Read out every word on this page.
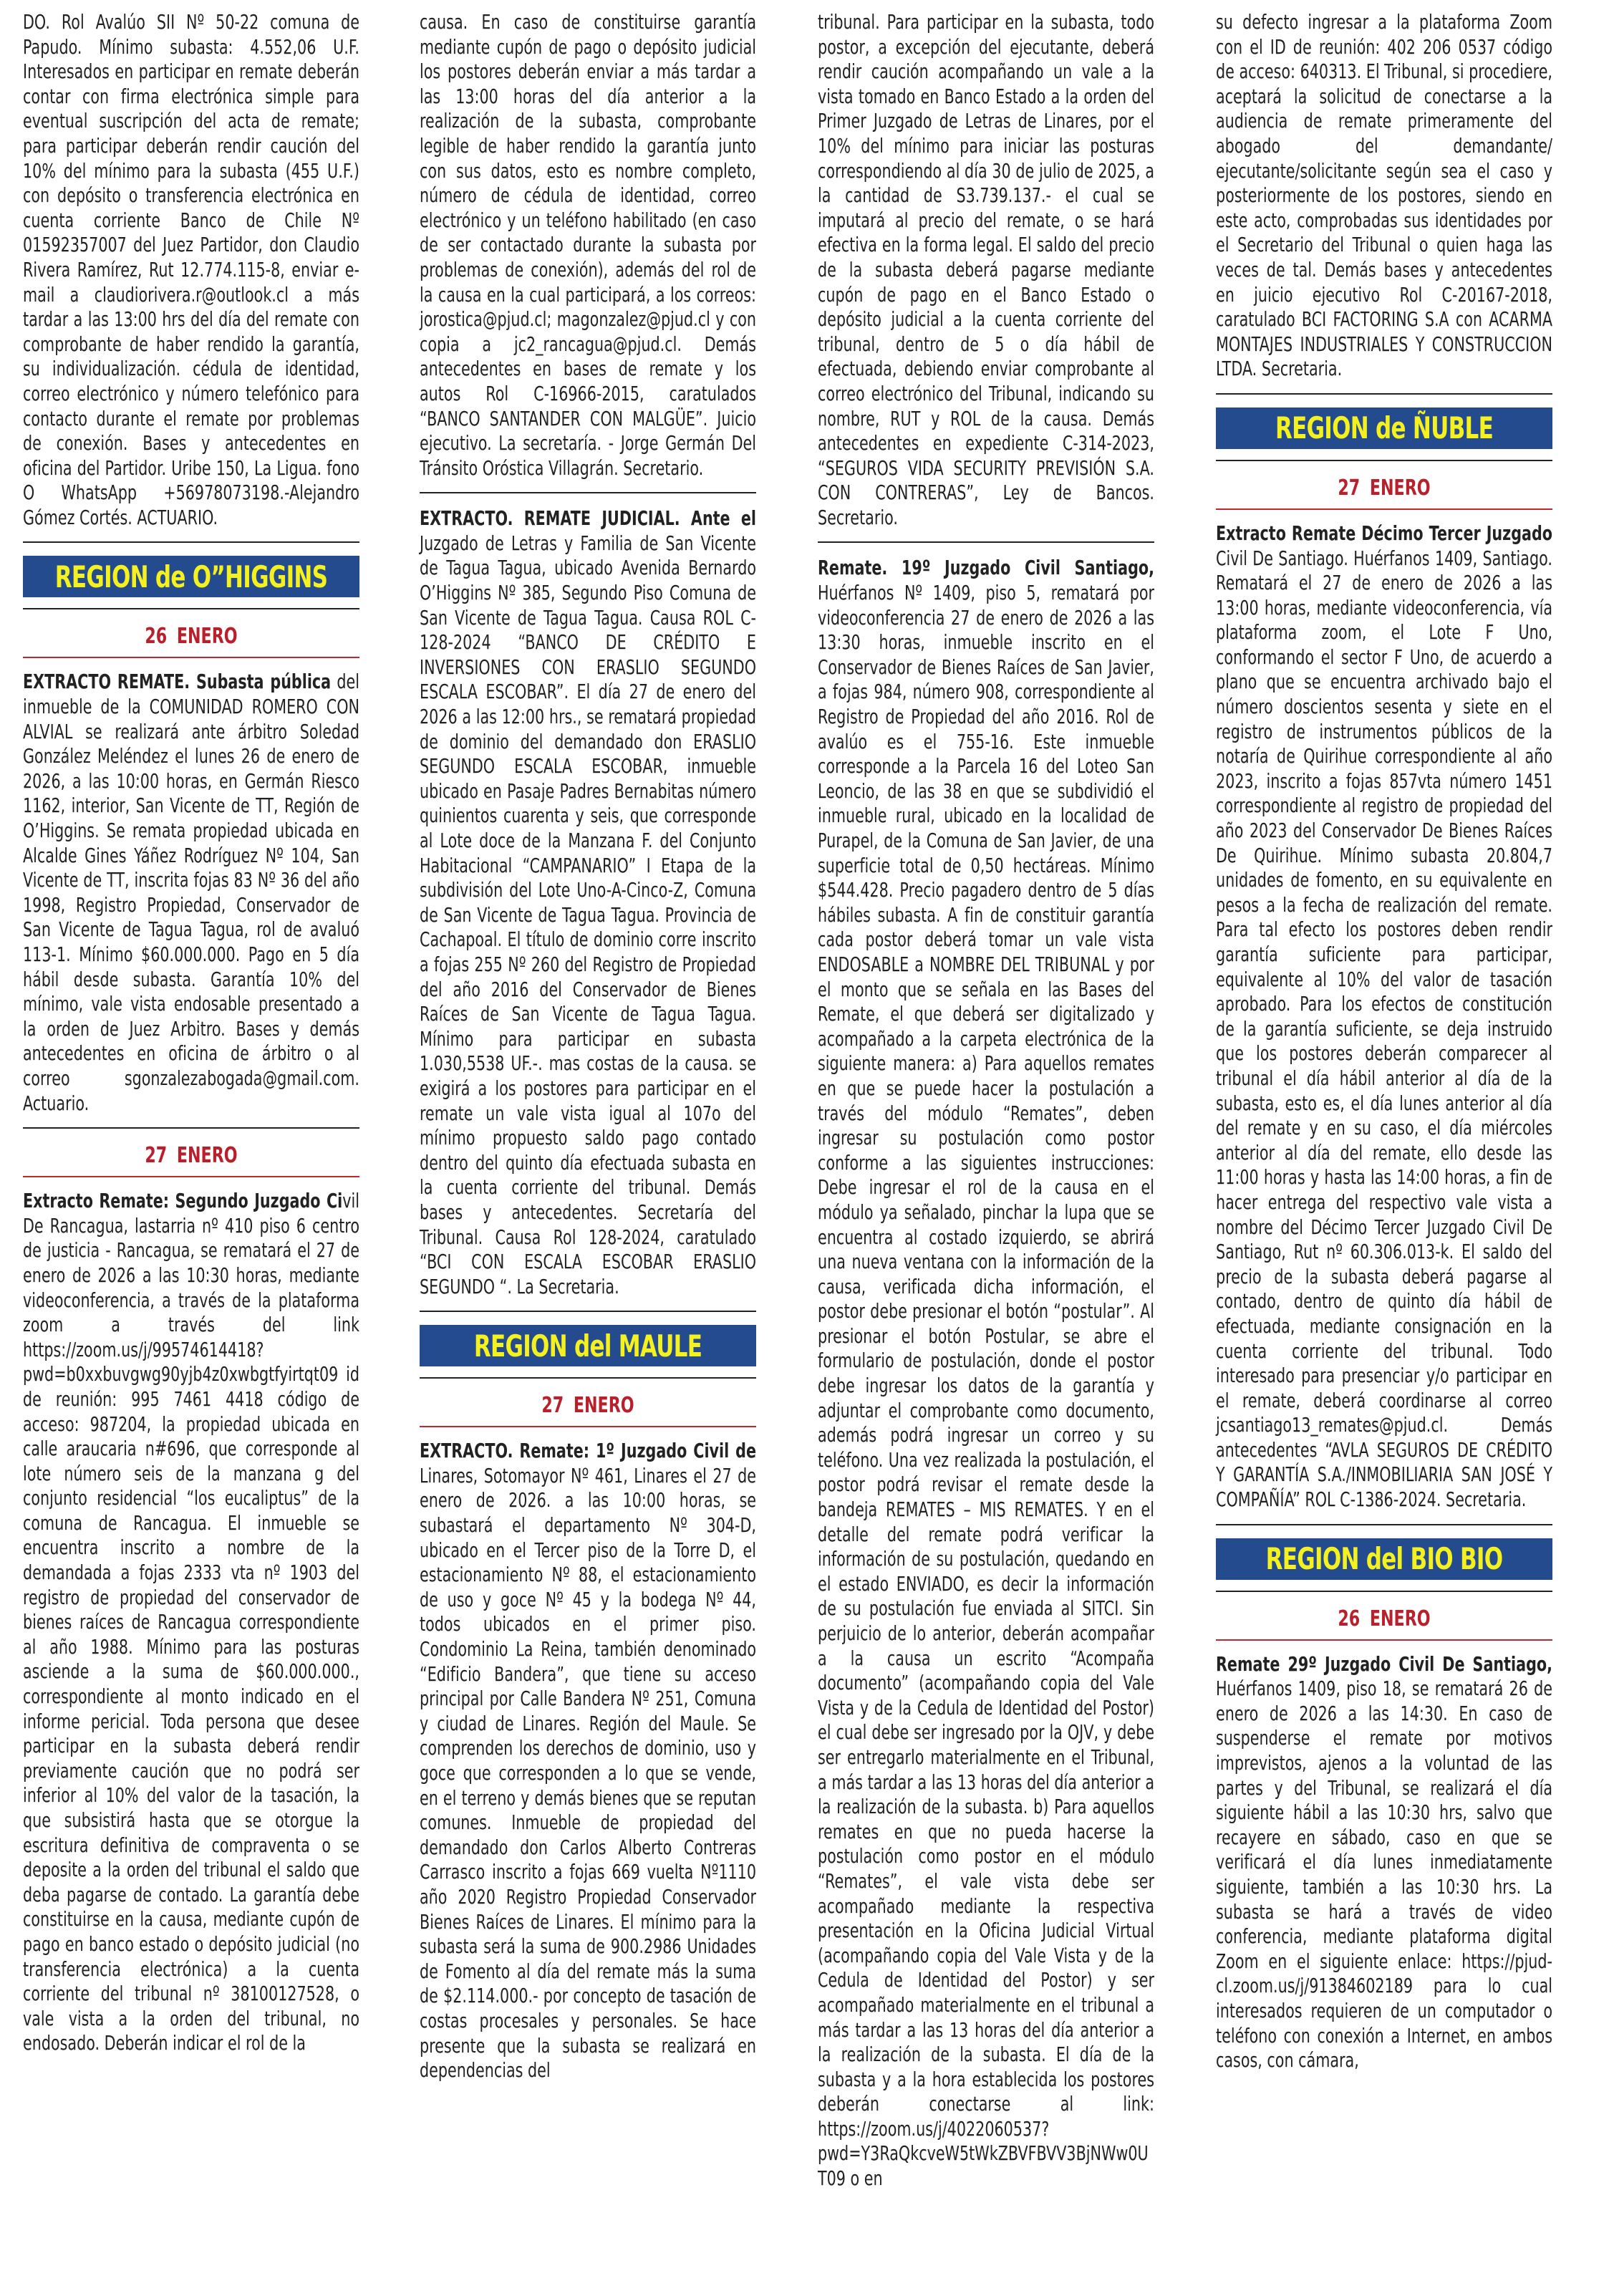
DO. Rol Avalúo SII Nº 50-22 comuna de Papudo. Mínimo subasta: 4.552,06 U.F. Interesados en participar en remate deberán contar con firma electrónica simple para eventual suscripción del acta de remate; para participar deberán rendir caución del 10% del mínimo para la subasta (455 U.F.) con depósito o transferencia electrónica en cuenta corriente Banco de Chile Nº 01592357007 del Juez Partidor, don Claudio Rivera Ramírez, Rut 12.774.115-8, enviar e-mail a claudiorivera.r@outlook.cl a más tardar a las 13:00 hrs del día del remate con comprobante de haber rendido la garantía, su individualización. cédula de identidad, correo electrónico y número telefónico para contacto durante el remate por problemas de conexión. Bases y antecedentes en oficina del Partidor. Uribe 150, La Ligua. fono O WhatsApp +56978073198.-Alejandro Gómez Cortés. ACTUARIO.

REGION de O”HIGGINS

26 ENERO

EXTRACTO REMATE. Subasta pública del inmueble de la COMUNIDAD ROMERO CON ALVIAL se realizará ante árbitro Soledad González Meléndez el lunes 26 de enero de 2026, a las 10:00 horas, en Germán Riesco 1162, interior, San Vicente de TT, Región de O’Higgins. Se remata propiedad ubicada en Alcalde Gines Yáñez Rodríguez Nº 104, San Vicente de TT, inscrita fojas 83 Nº 36 del año 1998, Registro Propiedad, Conservador de San Vicente de Tagua Tagua, rol de avaluó 113-1. Mínimo $60.000.000. Pago en 5 día hábil desde subasta. Garantía 10% del mínimo, vale vista endosable presentado a la orden de Juez Arbitro. Bases y demás antecedentes en oficina de árbitro o al correo sgonzalezabogada@gmail.com. Actuario.

27 ENERO

Extracto Remate: Segundo Juzgado Civil De Rancagua, lastarria nº 410 piso 6 centro de justicia - Rancagua, se rematará el 27 de enero de 2026 a las 10:30 horas, mediante videoconferencia, a través de la plataforma zoom a través del link https://zoom.us/j/99574614418?pwd=b0xxbuvgwg90yjb4z0xwbgtfyirtqt09 id de reunión: 995 7461 4418 código de acceso: 987204, la propiedad ubicada en calle araucaria n#696, que corresponde al lote número seis de la manzana g del conjunto residencial “los eucaliptus” de la comuna de Rancagua. El inmueble se encuentra inscrito a nombre de la demandada a fojas 2333 vta nº 1903 del registro de propiedad del conservador de bienes raíces de Rancagua correspondiente al año 1988. Mínimo para las posturas asciende a la suma de $60.000.000., correspondiente al monto indicado en el informe pericial. Toda persona que desee participar en la subasta deberá rendir previamente caución que no podrá ser inferior al 10% del valor de la tasación, la que subsistirá hasta que se otorgue la escritura definitiva de compraventa o se deposite a la orden del tribunal el saldo que deba pagarse de contado. La garantía debe constituirse en la causa, mediante cupón de pago en banco estado o depósito judicial (no transferencia electrónica) a la cuenta corriente del tribunal nº 38100127528, o vale vista a la orden del tribunal, no endosado. Deberán indicar el rol de la

causa. En caso de constituirse garantía mediante cupón de pago o depósito judicial los postores deberán enviar a más tardar a las 13:00 horas del día anterior a la realización de la subasta, comprobante legible de haber rendido la garantía junto con sus datos, esto es nombre completo, número de cédula de identidad, correo electrónico y un teléfono habilitado (en caso de ser contactado durante la subasta por problemas de conexión), además del rol de la causa en la cual participará, a los correos: jorostica@pjud.cl; magonzalez@pjud.cl y con copia a jc2_rancagua@pjud.cl. Demás antecedentes en bases de remate y los autos Rol C-16966-2015, caratulados “BANCO SANTANDER CON MALGÜE”. Juicio ejecutivo. La secretaría. - Jorge Germán Del Tránsito Oróstica Villagrán. Secretario.

EXTRACTO. REMATE JUDICIAL. Ante el Juzgado de Letras y Familia de San Vicente de Tagua Tagua, ubicado Avenida Bernardo O’Higgins Nº 385, Segundo Piso Comuna de San Vicente de Tagua Tagua. Causa ROL C-128-2024 “BANCO DE CRÉDITO E INVERSIONES CON ERASLIO SEGUNDO ESCALA ESCOBAR”. El día 27 de enero del 2026 a las 12:00 hrs., se rematará propiedad de dominio del demandado don ERASLIO SEGUNDO ESCALA ESCOBAR, inmueble ubicado en Pasaje Padres Bernabitas número quinientos cuarenta y seis, que corresponde al Lote doce de la Manzana F. del Conjunto Habitacional “CAMPANARIO” I Etapa de la subdivisión del Lote Uno-A-Cinco-Z, Comuna de San Vicente de Tagua Tagua. Provincia de Cachapoal. El título de dominio corre inscrito a fojas 255 Nº 260 del Registro de Propiedad del año 2016 del Conservador de Bienes Raíces de San Vicente de Tagua Tagua. Mínimo para participar en subasta 1.030,5538 UF.-. mas costas de la causa. se exigirá a los postores para participar en el remate un vale vista igual al 107o del mínimo propuesto saldo pago contado dentro del quinto día efectuada subasta en la cuenta corriente del tribunal. Demás bases y antecedentes. Secretaría del Tribunal. Causa Rol 128-2024, caratulado “BCI CON ESCALA ESCOBAR ERASLIO SEGUNDO “. La Secretaria.

REGION del MAULE

27 ENERO

EXTRACTO. Remate: 1º Juzgado Civil de Linares, Sotomayor Nº 461, Linares el 27 de enero de 2026. a las 10:00 horas, se subastará el departamento Nº 304-D, ubicado en el Tercer piso de la Torre D, el estacionamiento Nº 88, el estacionamiento de uso y goce Nº 45 y la bodega Nº 44, todos ubicados en el primer piso. Condominio La Reina, también denominado “Edificio Bandera”, que tiene su acceso principal por Calle Bandera Nº 251, Comuna y ciudad de Linares. Región del Maule. Se comprenden los derechos de dominio, uso y goce que corresponden a lo que se vende, en el terreno y demás bienes que se reputan comunes. Inmueble de propiedad del demandado don Carlos Alberto Contreras Carrasco inscrito a fojas 669 vuelta Nº1110 año 2020 Registro Propiedad Conservador Bienes Raíces de Linares. El mínimo para la subasta será la suma de 900.2986 Unidades de Fomento al día del remate más la suma de $2.114.000.- por concepto de tasación de costas procesales y personales. Se hace presente que la subasta se realizará en dependencias del

tribunal. Para participar en la subasta, todo postor, a excepción del ejecutante, deberá rendir caución acompañando un vale a la vista tomado en Banco Estado a la orden del Primer Juzgado de Letras de Linares, por el 10% del mínimo para iniciar las posturas correspondiendo al día 30 de julio de 2025, a la cantidad de S3.739.137.- el cual se imputará al precio del remate, o se hará efectiva en la forma legal. El saldo del precio de la subasta deberá pagarse mediante cupón de pago en el Banco Estado o depósito judicial a la cuenta corriente del tribunal, dentro de 5 o día hábil de efectuada, debiendo enviar comprobante al correo electrónico del Tribunal, indicando su nombre, RUT y ROL de la causa. Demás antecedentes en expediente C-314-2023, “SEGUROS VIDA SECURITY PREVISIÓN S.A. CON CONTRERAS”, Ley de Bancos. Secretario.

Remate. 19º Juzgado Civil Santiago, Huérfanos Nº 1409, piso 5, rematará por videoconferencia 27 de enero de 2026 a las 13:30 horas, inmueble inscrito en el Conservador de Bienes Raíces de San Javier, a fojas 984, número 908, correspondiente al Registro de Propiedad del año 2016. Rol de avalúo es el 755-16. Este inmueble corresponde a la Parcela 16 del Loteo San Leoncio, de las 38 en que se subdividió el inmueble rural, ubicado en la localidad de Purapel, de la Comuna de San Javier, de una superficie total de 0,50 hectáreas. Mínimo $544.428. Precio pagadero dentro de 5 días hábiles subasta. A fin de constituir garantía cada postor deberá tomar un vale vista ENDOSABLE a NOMBRE DEL TRIBUNAL y por el monto que se señala en las Bases del Remate, el que deberá ser digitalizado y acompañado a la carpeta electrónica de la siguiente manera: a) Para aquellos remates en que se puede hacer la postulación a través del módulo “Remates”, deben ingresar su postulación como postor conforme a las siguientes instrucciones: Debe ingresar el rol de la causa en el módulo ya señalado, pinchar la lupa que se encuentra al costado izquierdo, se abrirá una nueva ventana con la información de la causa, verificada dicha información, el postor debe presionar el botón “postular”. Al presionar el botón Postular, se abre el formulario de postulación, donde el postor debe ingresar los datos de la garantía y adjuntar el comprobante como documento, además podrá ingresar un correo y su teléfono. Una vez realizada la postulación, el postor podrá revisar el remate desde la bandeja REMATES – MIS REMATES. Y en el detalle del remate podrá verificar la información de su postulación, quedando en el estado ENVIADO, es decir la información de su postulación fue enviada al SITCI. Sin perjuicio de lo anterior, deberán acompañar a la causa un escrito “Acompaña documento” (acompañando copia del Vale Vista y de la Cedula de Identidad del Postor) el cual debe ser ingresado por la OJV, y debe ser entregarlo materialmente en el Tribunal, a más tardar a las 13 horas del día anterior a la realización de la subasta. b) Para aquellos remates en que no pueda hacerse la postulación como postor en el módulo “Remates”, el vale vista debe ser acompañado mediante la respectiva presentación en la Oficina Judicial Virtual (acompañando copia del Vale Vista y de la Cedula de Identidad del Postor) y ser acompañado materialmente en el tribunal a más tardar a las 13 horas del día anterior a la realización de la subasta. El día de la subasta y a la hora establecida los postores deberán conectarse al link: https://zoom.us/j/4022060537?pwd=Y3RaQkcveW5tWkZBVFBVV3BjNWw0UT09 o en

su defecto ingresar a la plataforma Zoom con el ID de reunión: 402 206 0537 código de acceso: 640313. El Tribunal, si procediere, aceptará la solicitud de conectarse a la audiencia de remate primeramente del abogado del demandante/ ejecutante/solicitante según sea el caso y posteriormente de los postores, siendo en este acto, comprobadas sus identidades por el Secretario del Tribunal o quien haga las veces de tal. Demás bases y antecedentes en juicio ejecutivo Rol C-20167-2018, caratulado BCI FACTORING S.A con ACARMA MONTAJES INDUSTRIALES Y CONSTRUCCION LTDA. Secretaria.

REGION de ÑUBLE

27 ENERO

Extracto Remate Décimo Tercer Juzgado Civil De Santiago. Huérfanos 1409, Santiago. Rematará el 27 de enero de 2026 a las 13:00 horas, mediante videoconferencia, vía plataforma zoom, el Lote F Uno, conformando el sector F Uno, de acuerdo a plano que se encuentra archivado bajo el número doscientos sesenta y siete en el registro de instrumentos públicos de la notaría de Quirihue correspondiente al año 2023, inscrito a fojas 857vta número 1451 correspondiente al registro de propiedad del año 2023 del Conservador De Bienes Raíces De Quirihue. Mínimo subasta 20.804,7 unidades de fomento, en su equivalente en pesos a la fecha de realización del remate. Para tal efecto los postores deben rendir garantía suficiente para participar, equivalente al 10% del valor de tasación aprobado. Para los efectos de constitución de la garantía suficiente, se deja instruido que los postores deberán comparecer al tribunal el día hábil anterior al día de la subasta, esto es, el día lunes anterior al día del remate y en su caso, el día miércoles anterior al día del remate, ello desde las 11:00 horas y hasta las 14:00 horas, a fin de hacer entrega del respectivo vale vista a nombre del Décimo Tercer Juzgado Civil De Santiago, Rut nº 60.306.013-k. El saldo del precio de la subasta deberá pagarse al contado, dentro de quinto día hábil de efectuada, mediante consignación en la cuenta corriente del tribunal. Todo interesado para presenciar y/o participar en el remate, deberá coordinarse al correo jcsantiago13_remates@pjud.cl. Demás antecedentes “AVLA SEGUROS DE CRÉDITO Y GARANTÍA S.A./INMOBILIARIA SAN JOSÉ Y COMPAÑÍA” ROL C-1386-2024. Secretaria.

REGION del BIO BIO

26 ENERO

Remate 29º Juzgado Civil De Santiago, Huérfanos 1409, piso 18, se rematará 26 de enero de 2026 a las 14:30. En caso de suspenderse el remate por motivos imprevistos, ajenos a la voluntad de las partes y del Tribunal, se realizará el día siguiente hábil a las 10:30 hrs, salvo que recayere en sábado, caso en que se verificará el día lunes inmediatamente siguiente, también a las 10:30 hrs. La subasta se hará a través de video conferencia, mediante plataforma digital Zoom en el siguiente enlace: https://pjud-cl.zoom.us/j/91384602189 para lo cual interesados requieren de un computador o teléfono con conexión a Internet, en ambos casos, con cámara,
